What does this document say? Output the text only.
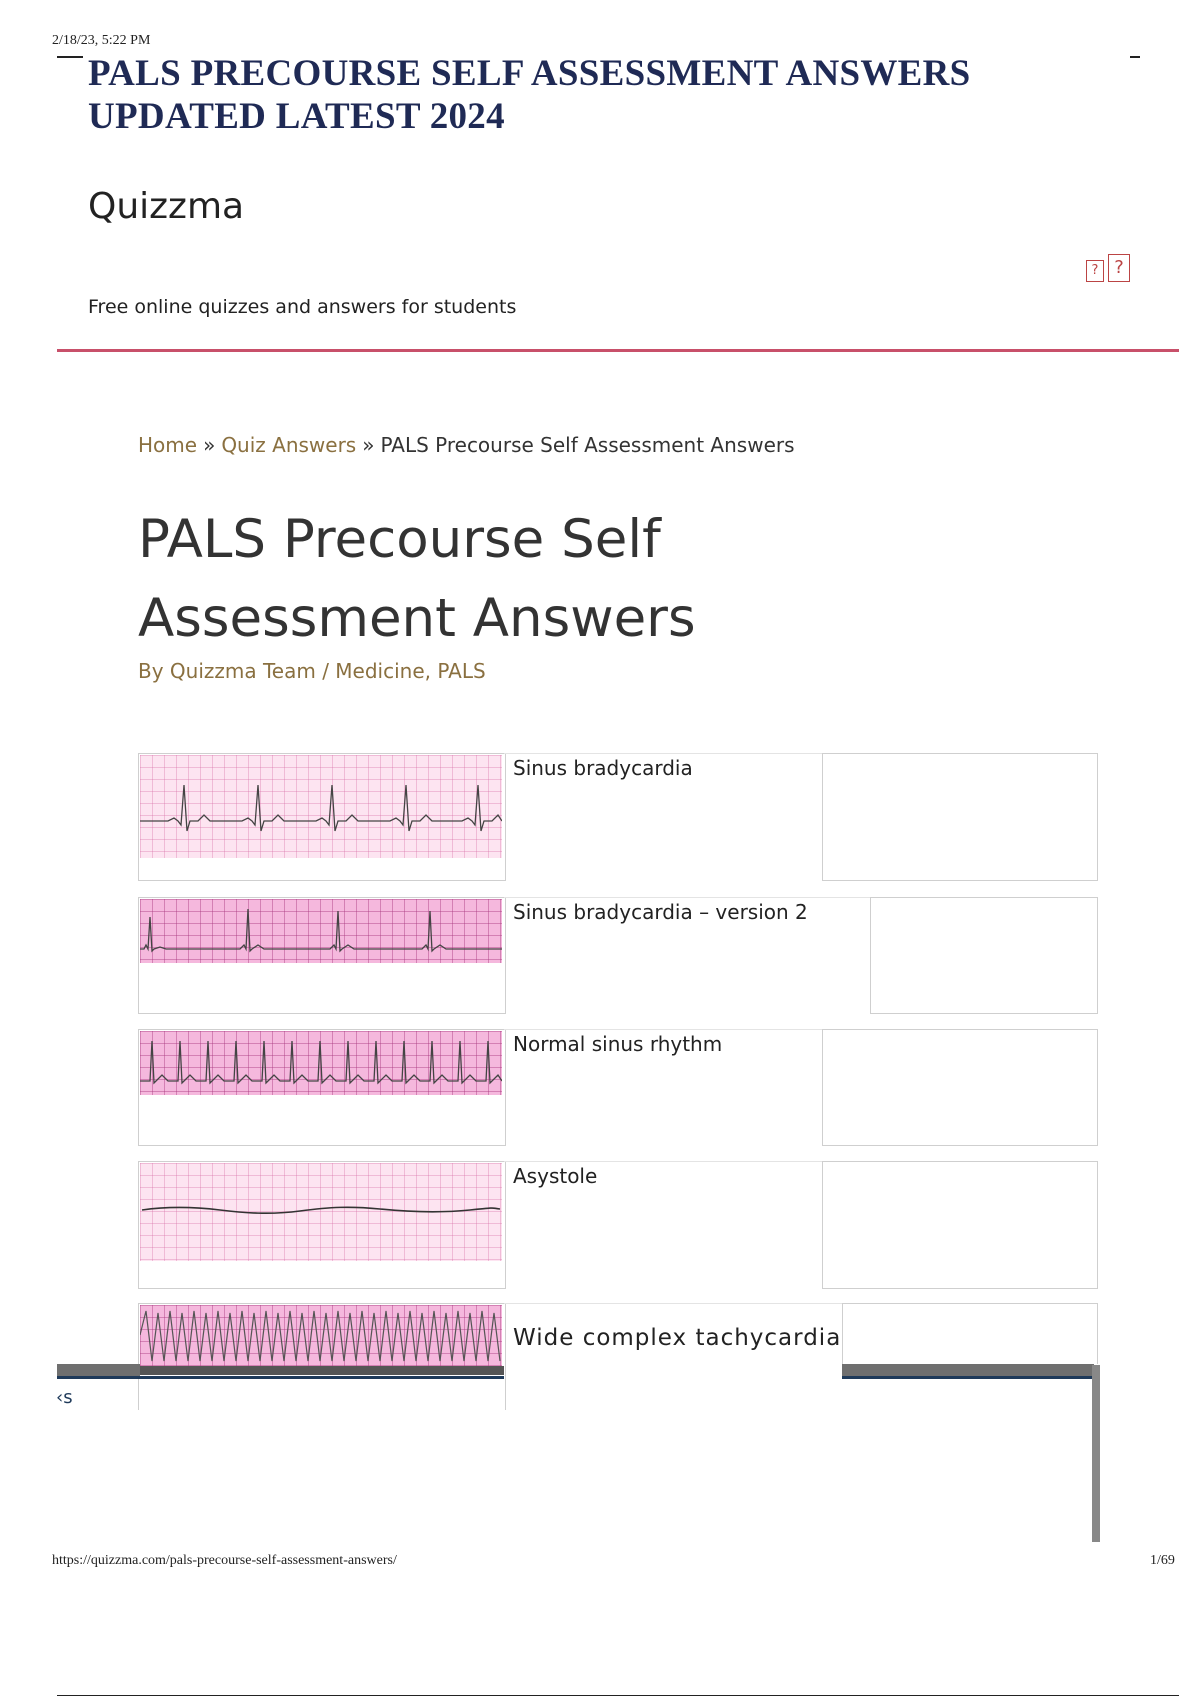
2/18/23, 5:22 PM
PALS PRECOURSE SELF ASSESSMENT ANSWERS UPDATED LATEST 2024
Quizzma
? ?
Free online quizzes and answers for students
Home » Quiz Answers » PALS Precourse Self Assessment Answers
PALS Precourse Self
Assessment Answers
By Quizzma Team / Medicine, PALS
Sinus bradycardia
Sinus bradycardia – version 2
Normal sinus rhythm
Asystole
Wide complex tachycardia
‹s
https://quizzma.com/pals-precourse-self-assessment-answers/	1/69
